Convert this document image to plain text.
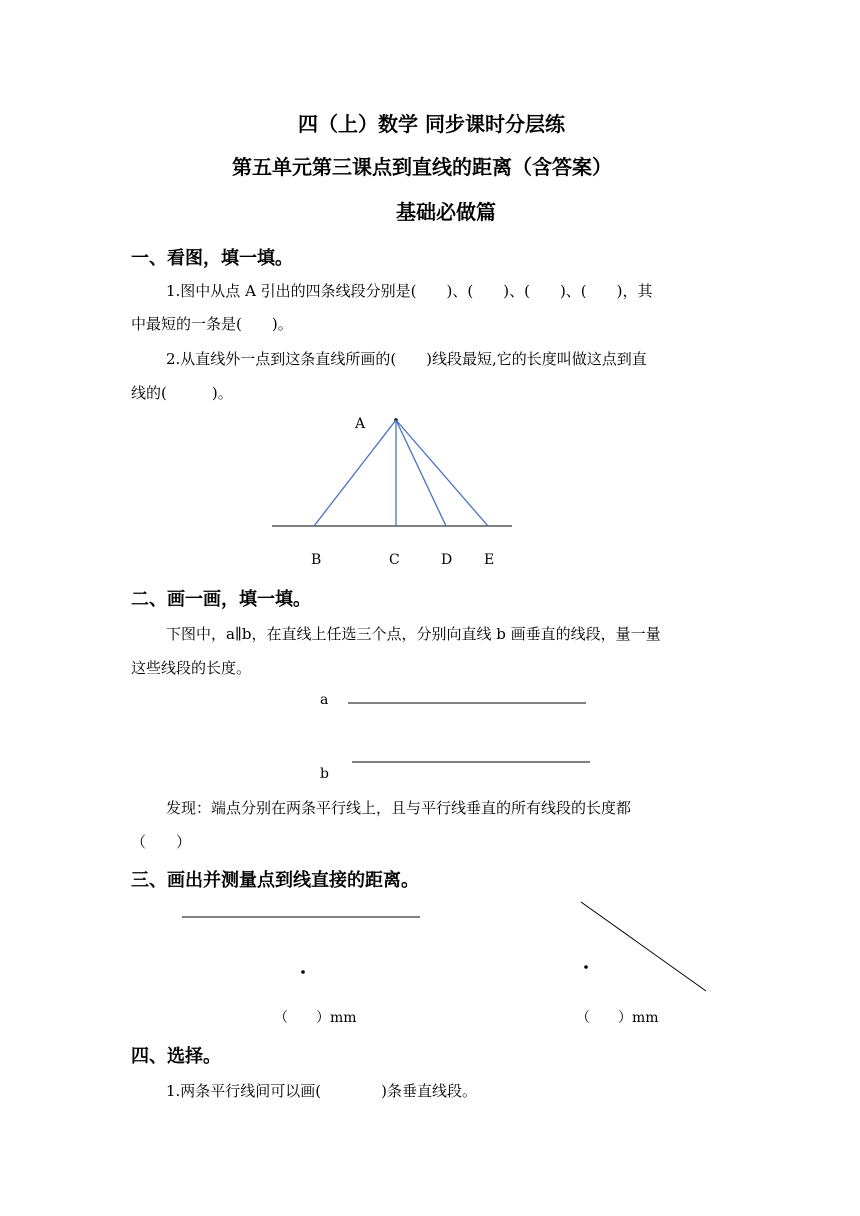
四（上）数学 同步课时分层练
第五单元第三课点到直线的距离（含答案）
基础必做篇
一、看图，填一填。
1.图中从点 A 引出的四条线段分别是(　　)、(　　)、(　　)、(　　)，其
中最短的一条是(　　)。
2.从直线外一点到这条直线所画的(　　)线段最短,它的长度叫做这点到直
线的(　　　)。
A
B	C	D E
二、画一画，填一填。
下图中，a∥b，在直线上任选三个点，分别向直线 b 画垂直的线段，量一量
这些线段的长度。
a
b
发现：端点分别在两条平行线上，且与平行线垂直的所有线段的长度都
（　　）
三、画出并测量点到线直接的距离。
（　　）mm	（　　）mm
四、选择。
1.两条平行线间可以画(　　　　)条垂直线段。
